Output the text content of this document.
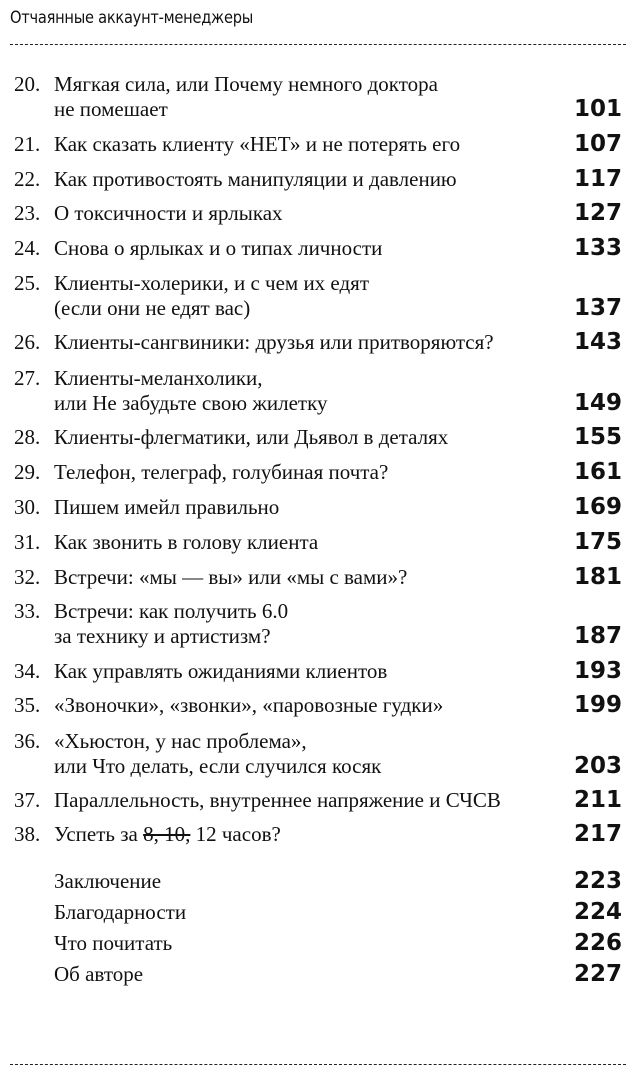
Отчаянные аккаунт-менеджеры
20. Мягкая сила, или Почему немного доктора
не помешает	101
21. Как сказать клиенту «НЕТ» и не потерять его	107
22. Как противостоять манипуляции и давлению	117
23. О токсичности и ярлыках	127
24. Снова о ярлыках и о типах личности	133
25. Клиенты-холерики, и с чем их едят
(если они не едят вас)	137
26. Клиенты-сангвиники: друзья или притворяются?	143
27. Клиенты-меланхолики,
или Не забудьте свою жилетку	149
28. Клиенты-флегматики, или Дьявол в деталях	155
29. Телефон, телеграф, голубиная почта?	161
30. Пишем имейл правильно	169
31. Как звонить в голову клиента	175
32. Встречи: «мы — вы» или «мы с вами»?	181
33. Встречи: как получить 6.0
за технику и артистизм?	187
34. Как управлять ожиданиями клиентов	193
35. «Звоночки», «звонки», «паровозные гудки»	199
36. «Хьюстон, у нас проблема»,
или Что делать, если случился косяк	203
37. Параллельность, внутреннее напряжение и СЧСВ	211
38. Успеть за 8, 10, 12 часов?	217
Заключение	223
Благодарности	224
Что почитать	226
Об авторе	227
